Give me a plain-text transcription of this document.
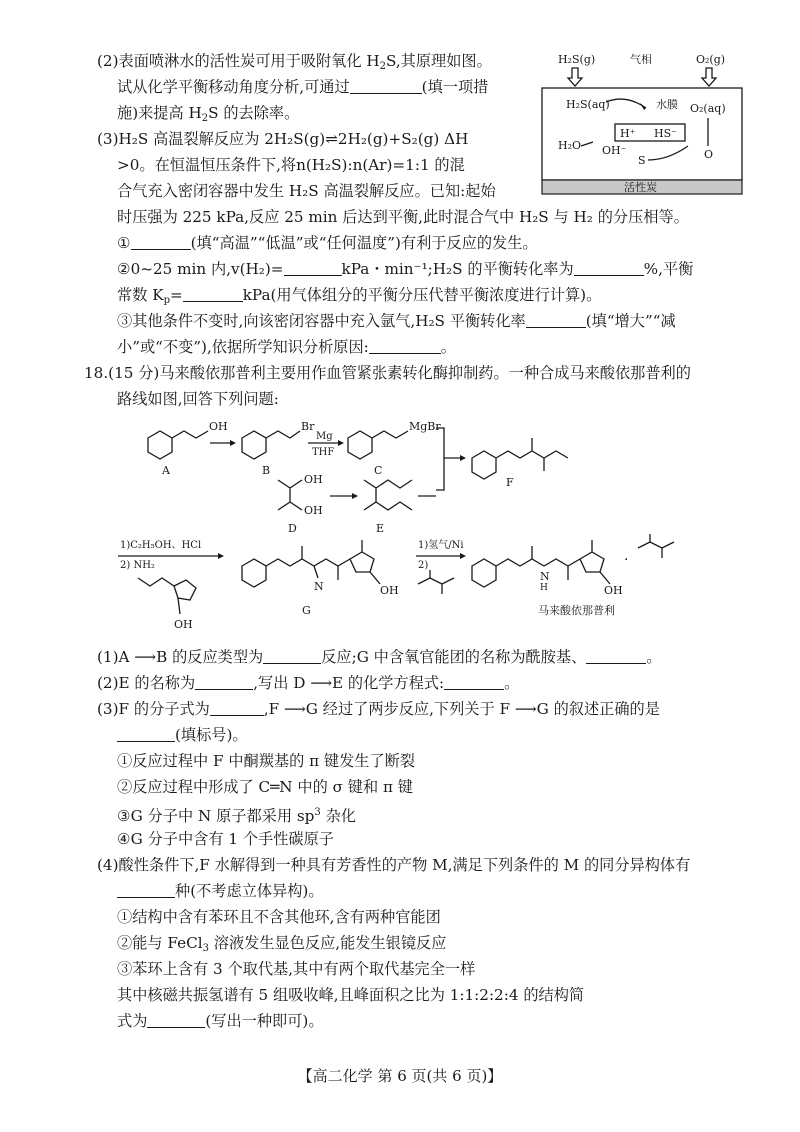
(2)表面喷淋水的活性炭可用于吸附氧化 $H_2S$,其原理如图。
试从化学平衡移动角度分析,可通过	(填一项措
施)来提高 $H_2S$ 的去除率。
(3)H₂S 高温裂解反应为 2H₂S(g)⇌2H₂(g)+S₂(g) ΔH
>0。在恒温恒压条件下,将n(H₂S):n(Ar)=1:1 的混
合气充入密闭容器中发生 H₂S 高温裂解反应。已知:起始
时压强为 225 kPa,反应 25 min 后达到平衡,此时混合气中 H₂S 与 H₂ 的分压相等。
①	(填“高温”“低温”或“任何温度”)有利于反应的发生。
②0~25 min 内,v(H₂)=	kPa・min⁻¹;H₂S 的平衡转化率为	%,平衡
常数 $K_p=$	kPa(用气体组分的平衡分压代替平衡浓度进行计算)。
③其他条件不变时,向该密闭容器中充入氩气,H₂S 平衡转化率	(填“增大”“减
小”或“不变”),依据所学知识分析原因:	。
H₂S(g)	气相	O₂(g)
H₂S(aq)	水膜 O₂(aq)
H⁺ HS⁻
H₂O OH⁻
S	O
活性炭
18.(15 分)马来酸依那普利主要用作血管紧张素转化酶抑制药。一种合成马来酸依那普利的
路线如图,回答下列问题:
OH
A
Br
B
Mg
THF
MgBr
C
F
OH
OH
D	E
1)C₂H₅OH、HCl
2) NH₂
OH
N	OH
G
1)氢气/Ni
2)
N
H	OH
·
马来酸依那普利
(1)A ⟶B 的反应类型为	反应;G 中含氧官能团的名称为酰胺基、	。
(2)E 的名称为	,写出 D ⟶E 的化学方程式:	。
(3)F 的分子式为	,F ⟶G 经过了两步反应,下列关于 F ⟶G 的叙述正确的是
(填标号)。
①反应过程中 F 中酮羰基的 π 键发生了断裂
②反应过程中形成了 C═N 中的 σ 键和 π 键
③G 分子中 N 原子都采用 $sp^3$ 杂化
④G 分子中含有 1 个手性碳原子
(4)酸性条件下,F 水解得到一种具有芳香性的产物 M,满足下列条件的 M 的同分异构体有
种(不考虑立体异构)。
①结构中含有苯环且不含其他环,含有两种官能团
②能与 FeCl$_3$ 溶液发生显色反应,能发生银镜反应
③苯环上含有 3 个取代基,其中有两个取代基完全一样
其中核磁共振氢谱有 5 组吸收峰,且峰面积之比为 1:1:2:2:4 的结构简
式为	(写出一种即可)。
【高二化学 第 6 页(共 6 页)】
